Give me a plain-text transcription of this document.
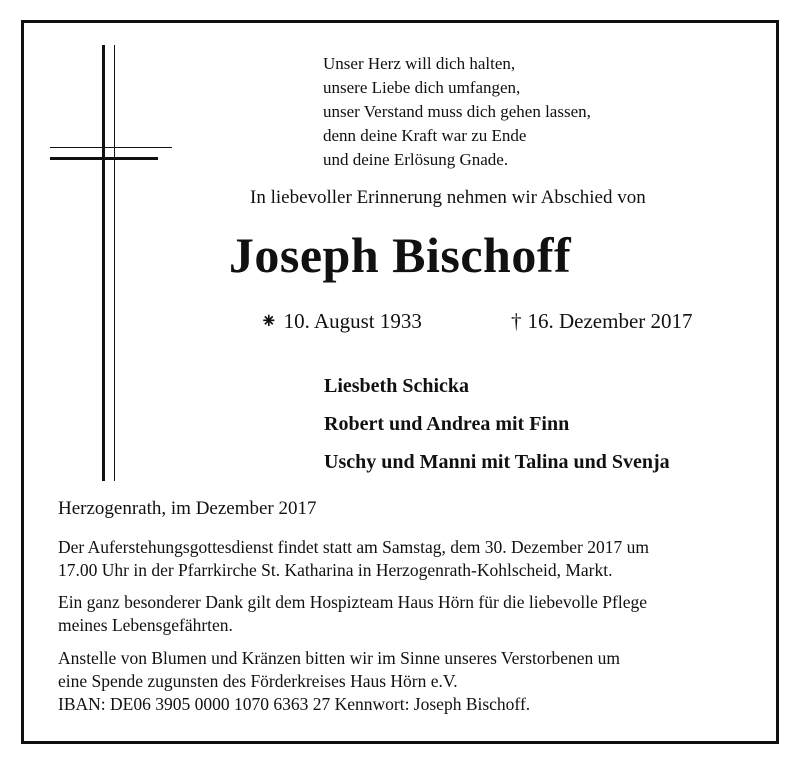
Unser Herz will dich halten,
unsere Liebe dich umfangen,
unser Verstand muss dich gehen lassen,
denn deine Kraft war zu Ende
und deine Erlösung Gnade.
In liebevoller Erinnerung nehmen wir Abschied von
Joseph Bischoff
⁕ 10. August 1933	† 16. Dezember 2017
Liesbeth Schicka
Robert und Andrea mit Finn
Uschy und Manni mit Talina und Svenja
Herzogenrath, im Dezember 2017
Der Auferstehungsgottesdienst findet statt am Samstag, dem 30. Dezember 2017 um
17.00 Uhr in der Pfarrkirche St. Katharina in Herzogenrath-Kohlscheid, Markt.
Ein ganz besonderer Dank gilt dem Hospizteam Haus Hörn für die liebevolle Pflege
meines Lebensgefährten.
Anstelle von Blumen und Kränzen bitten wir im Sinne unseres Verstorbenen um
eine Spende zugunsten des Förderkreises Haus Hörn e.V.
IBAN: DE06 3905 0000 1070 6363 27 Kennwort: Joseph Bischoff.
